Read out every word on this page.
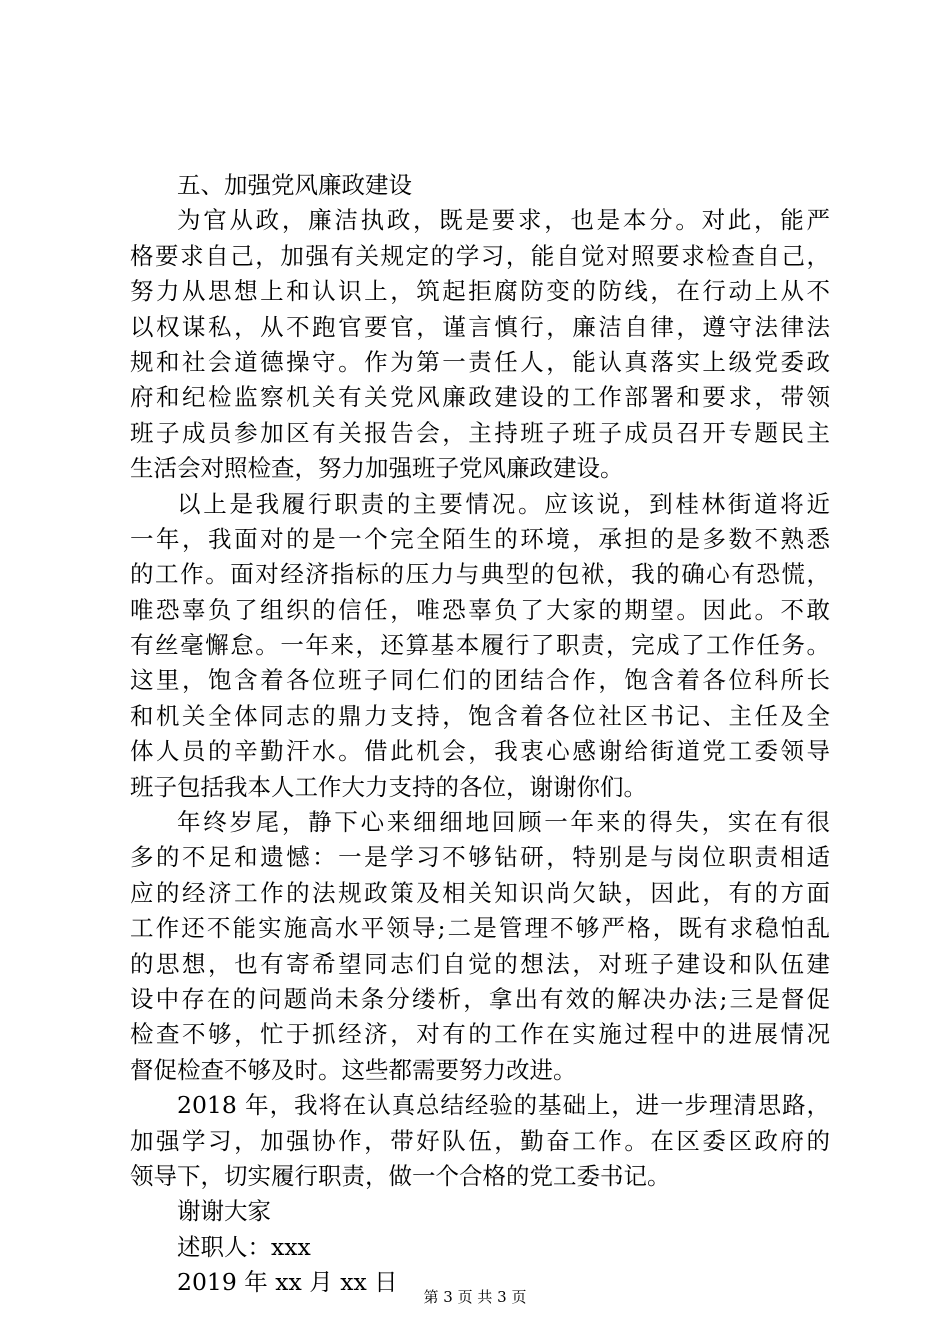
五、加强党风廉政建设
为官从政，廉洁执政，既是要求，也是本分。对此，能严
格要求自己，加强有关规定的学习，能自觉对照要求检查自己，
努力从思想上和认识上，筑起拒腐防变的防线，在行动上从不
以权谋私，从不跑官要官，谨言慎行，廉洁自律，遵守法律法
规和社会道德操守。作为第一责任人，能认真落实上级党委政
府和纪检监察机关有关党风廉政建设的工作部署和要求，带领
班子成员参加区有关报告会，主持班子班子成员召开专题民主
生活会对照检查，努力加强班子党风廉政建设。
以上是我履行职责的主要情况。应该说，到桂林街道将近
一年，我面对的是一个完全陌生的环境，承担的是多数不熟悉
的工作。面对经济指标的压力与典型的包袱，我的确心有恐慌，
唯恐辜负了组织的信任，唯恐辜负了大家的期望。因此。不敢
有丝毫懈怠。一年来，还算基本履行了职责，完成了工作任务。
这里，饱含着各位班子同仁们的团结合作，饱含着各位科所长
和机关全体同志的鼎力支持，饱含着各位社区书记、主任及全
体人员的辛勤汗水。借此机会，我衷心感谢给街道党工委领导
班子包括我本人工作大力支持的各位，谢谢你们。
年终岁尾，静下心来细细地回顾一年来的得失，实在有很
多的不足和遗憾：一是学习不够钻研，特别是与岗位职责相适
应的经济工作的法规政策及相关知识尚欠缺，因此，有的方面
工作还不能实施高水平领导;二是管理不够严格，既有求稳怕乱
的思想，也有寄希望同志们自觉的想法，对班子建设和队伍建
设中存在的问题尚未条分缕析，拿出有效的解决办法;三是督促
检查不够，忙于抓经济，对有的工作在实施过程中的进展情况
督促检查不够及时。这些都需要努力改进。
2018 年，我将在认真总结经验的基础上，进一步理清思路，
加强学习，加强协作，带好队伍，勤奋工作。在区委区政府的
领导下，切实履行职责，做一个合格的党工委书记。
谢谢大家
述职人：xxx
2019 年 xx 月 xx 日
第 3 页 共 3 页
